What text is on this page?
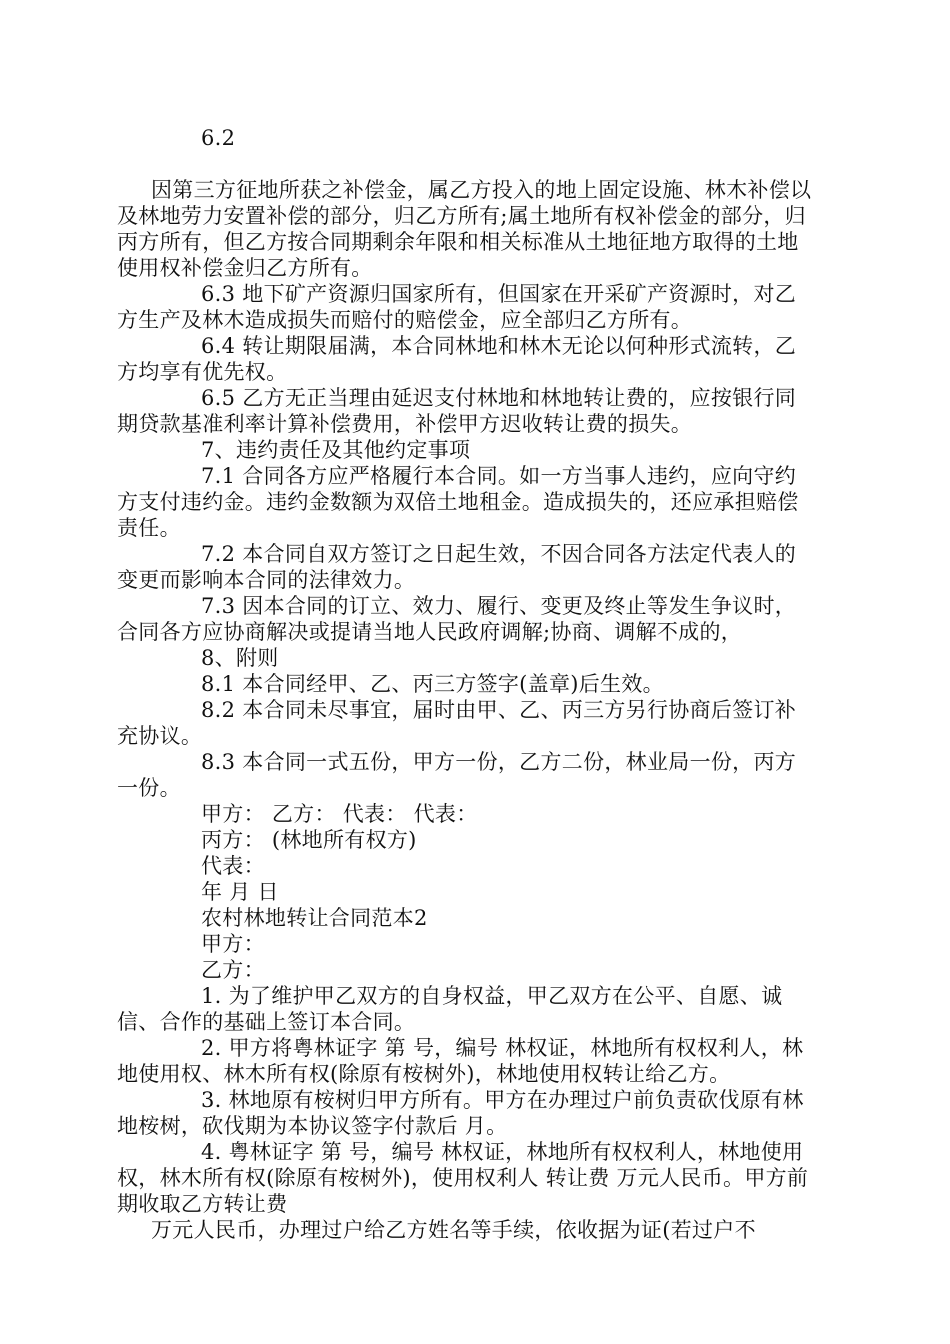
6.2

因第三方征地所获之补偿金，属乙方投入的地上固定设施、林木补偿以及林地劳力安置补偿的部分，归乙方所有;属土地所有权补偿金的部分，归丙方所有，但乙方按合同期剩余年限和相关标准从土地征地方取得的土地使用权补偿金归乙方所有。

6.3 地下矿产资源归国家所有，但国家在开采矿产资源时，对乙方生产及林木造成损失而赔付的赔偿金，应全部归乙方所有。

6.4 转让期限届满，本合同林地和林木无论以何种形式流转，乙方均享有优先权。

6.5 乙方无正当理由延迟支付林地和林地转让费的，应按银行同期贷款基准利率计算补偿费用，补偿甲方迟收转让费的损失。

7、违约责任及其他约定事项

7.1 合同各方应严格履行本合同。如一方当事人违约，应向守约方支付违约金。违约金数额为双倍土地租金。造成损失的，还应承担赔偿责任。

7.2 本合同自双方签订之日起生效，不因合同各方法定代表人的变更而影响本合同的法律效力。

7.3 因本合同的订立、效力、履行、变更及终止等发生争议时，合同各方应协商解决或提请当地人民政府调解;协商、调解不成的，

8、附则

8.1 本合同经甲、乙、丙三方签字(盖章)后生效。

8.2 本合同未尽事宜，届时由甲、乙、丙三方另行协商后签订补充协议。

8.3 本合同一式五份，甲方一份，乙方二份，林业局一份，丙方一份。

甲方： 乙方： 代表： 代表：

丙方： (林地所有权方)

代表：

年 月 日

农村林地转让合同范本2

甲方：

乙方：

1. 为了维护甲乙双方的自身权益，甲乙双方在公平、自愿、诚信、合作的基础上签订本合同。

2. 甲方将粤林证字 第 号，编号 林权证，林地所有权权利人，林地使用权、林木所有权(除原有桉树外)，林地使用权转让给乙方。

3. 林地原有桉树归甲方所有。甲方在办理过户前负责砍伐原有林地桉树，砍伐期为本协议签字付款后 月。

4. 粤林证字 第 号，编号 林权证，林地所有权权利人，林地使用权，林木所有权(除原有桉树外)，使用权利人 转让费 万元人民币。甲方前期收取乙方转让费

万元人民币，办理过户给乙方姓名等手续，依收据为证(若过户不
